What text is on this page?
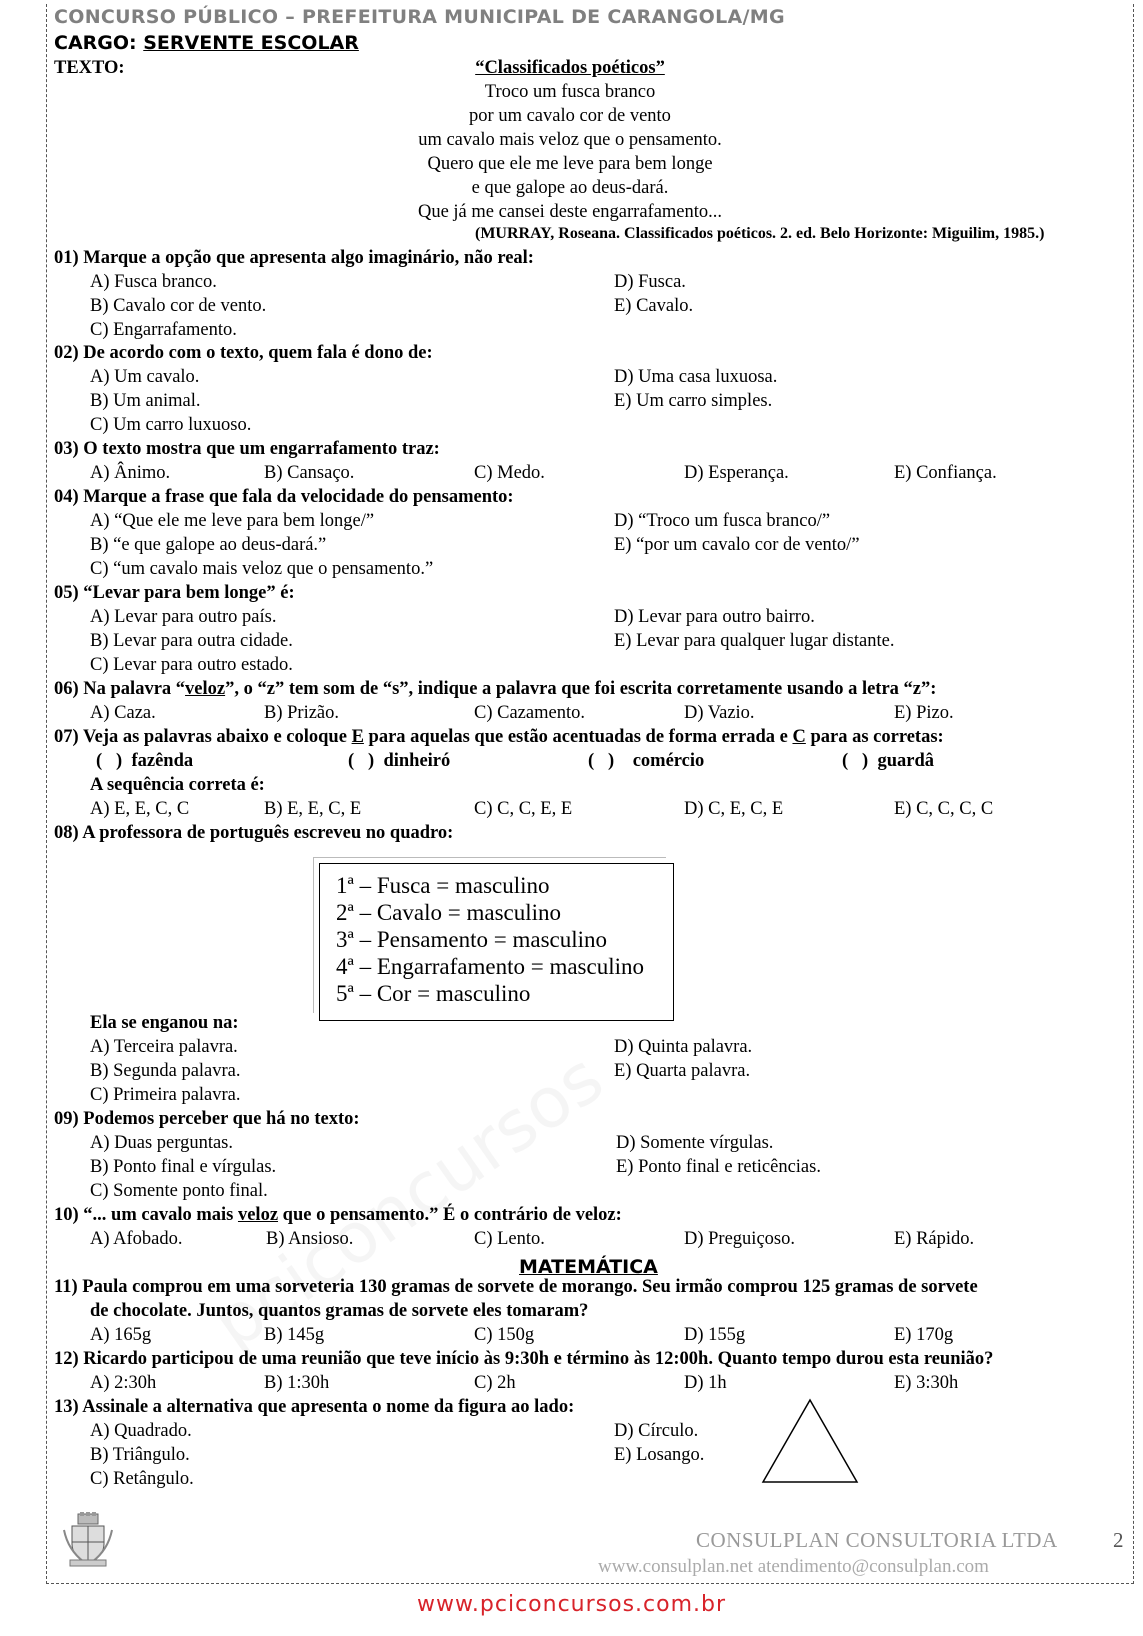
CONCURSO PÚBLICO – PREFEITURA MUNICIPAL DE CARANGOLA/MG
CARGO: SERVENTE ESCOLAR
TEXTO:	“Classificados poéticos”
Troco um fusca branco
por um cavalo cor de vento
um cavalo mais veloz que o pensamento.
Quero que ele me leve para bem longe
e que galope ao deus-dará.
Que já me cansei deste engarrafamento...
(MURRAY, Roseana. Classificados poéticos. 2. ed. Belo Horizonte: Miguilim, 1985.)
01) Marque a opção que apresenta algo imaginário, não real:
A) Fusca branco.
B) Cavalo cor de vento.
C) Engarrafamento.
D) Fusca.
E) Cavalo.
02) De acordo com o texto, quem fala é dono de:
A) Um cavalo.
B) Um animal.
C) Um carro luxuoso.
D) Uma casa luxuosa.
E) Um carro simples.
03) O texto mostra que um engarrafamento traz:
A) Ânimo.	B) Cansaço.	C) Medo.	D) Esperança.	E) Confiança.
04) Marque a frase que fala da velocidade do pensamento:
A) “Que ele me leve para bem longe/”
B) “e que galope ao deus-dará.”
C) “um cavalo mais veloz que o pensamento.”
D) “Troco um fusca branco/”
E) “por um cavalo cor de vento/”
05) “Levar para bem longe” é:
A) Levar para outro país.
B) Levar para outra cidade.
C) Levar para outro estado.
D) Levar para outro bairro.
E) Levar para qualquer lugar distante.
06) Na palavra “veloz”, o “z” tem som de “s”, indique a palavra que foi escrita corretamente usando a letra “z”:
A) Caza.	B) Prizão.	C) Cazamento.	D) Vazio.	E) Pizo.
07) Veja as palavras abaixo e coloque E para aquelas que estão acentuadas de forma errada e C para as corretas:
(   )  fazênda	(   )  dinheiró	(   )    comércio	(   )  guardâ
A sequência correta é:
A) E, E, C, C	B) E, E, C, E	C) C, C, E, E	D) C, E, C, E	E) C, C, C, C
08) A professora de português escreveu no quadro:
1ª – Fusca = masculino
2ª – Cavalo = masculino
3ª – Pensamento = masculino
4ª – Engarrafamento = masculino
5ª – Cor = masculino
Ela se enganou na:
A) Terceira palavra.
B) Segunda palavra.
C) Primeira palavra.
D) Quinta palavra.
E) Quarta palavra.
09) Podemos perceber que há no texto:
A) Duas perguntas.
B) Ponto final e vírgulas.
C) Somente ponto final.
D) Somente vírgulas.
E) Ponto final e reticências.
10) “... um cavalo mais veloz que o pensamento.” É o contrário de veloz:
A) Afobado.	B) Ansioso.	C) Lento.	D) Preguiçoso.	E) Rápido.
MATEMÁTICA
11) Paula comprou em uma sorveteria 130 gramas de sorvete de morango. Seu irmão comprou 125 gramas de sorvete
de chocolate. Juntos, quantos gramas de sorvete eles tomaram?
A) 165g	B) 145g	C) 150g	D) 155g	E) 170g
12) Ricardo participou de uma reunião que teve início às 9:30h e término às 12:00h. Quanto tempo durou esta reunião?
A) 2:30h	B) 1:30h	C) 2h	D) 1h	E) 3:30h
13) Assinale a alternativa que apresenta o nome da figura ao lado:
A) Quadrado.
B) Triângulo.
C) Retângulo.
D) Círculo.
E) Losango.
CONSULPLAN CONSULTORIA LTDA	2
www.consulplan.net atendimento@consulplan.com
www.pciconcursos.com.br
